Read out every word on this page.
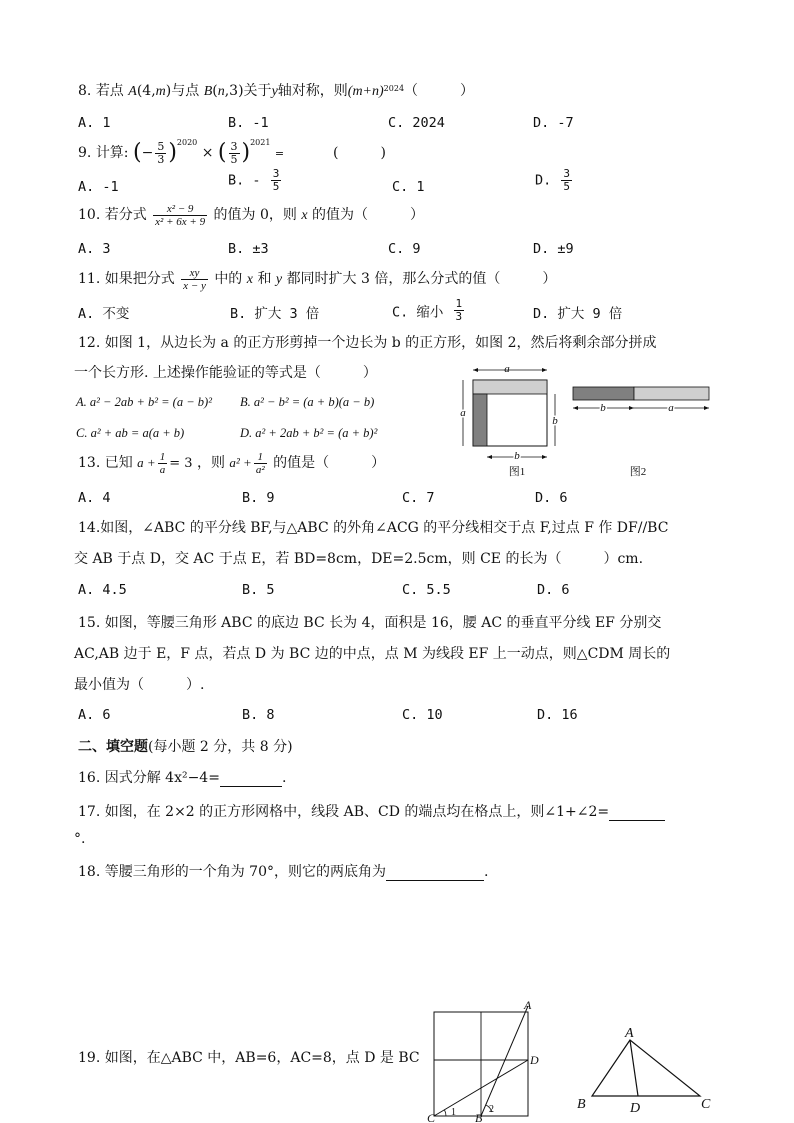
8. 若点 A(4,m)与点 B(n,3)关于y轴对称，则$(m+n)^{2024}$（　　　）
A. 1	B. -1	C. 2024	D. -7
9. 计算: (− $\frac{5}{3} )^{2020}$ × ( $\frac{3}{5} )^{2021}$ =	(　　　)
A. -1	B. - $\frac{3}{5}$	C. 1	D. $\frac{3}{5}$
10. 若分式 $\frac{\text{x² − 9}}{\text{x² + 6x + 9}}$ 的值为 0，则 x 的值为（　　　）
A. 3	B. ±3	C. 9	D. ±9
11. 如果把分式 $\frac{xy}{x - y}$ 中的 x 和 y 都同时扩大 3 倍，那么分式的值（　　　）
A. 不变	B. 扩大 3 倍	C. 缩小 $\frac{1}{3}$	D. 扩大 9 倍
12. 如图 1，从边长为 a 的正方形剪掉一个边长为 b 的正方形，如图 2，然后将剩余部分拼成
一个长方形. 上述操作能验证的等式是（　　　）
A. a² − 2ab + b² = (a − b)² B. a² − b² = (a + b)(a − b)
C. a² + ab = a(a + b)	D. a² + 2ab + b² = (a + b)²
a
a
b
b
图1
b	a
图2
13. 已知 $a + \frac{1}{a} = 3$ ，则 $a^2 + \frac{1}{\text{a²}}$ 的值是（　　　）
A. 4	B. 9	C. 7	D. 6
14.如图，∠ABC 的平分线 BF,与△ABC 的外角∠ACG 的平分线相交于点 F,过点 F 作 DF//BC
交 AB 于点 D，交 AC 于点 E，若 BD=8cm，DE=2.5cm，则 CE 的长为（　　　）cm.
A. 4.5	B. 5	C. 5.5	D. 6
15. 如图，等腰三角形 ABC 的底边 BC 长为 4，面积是 16，腰 AC 的垂直平分线 EF 分别交
AC,AB 边于 E，F 点，若点 D 为 BC 边的中点，点 M 为线段 EF 上一动点，则△CDM 周长的
最小值为（　　　）.
A. 6	B. 8	C. 10	D. 16
二、填空题(每小题 2 分，共 8 分)
16. 因式分解 4x²−4=	.
17. 如图，在 2×2 的正方形网格中，线段 AB、CD 的端点均在格点上，则∠1+∠2=
°.
18. 等腰三角形的一个角为 70°，则它的两底角为	.
19. 如图，在△ABC 中，AB=6，AC=8，点 D 是 BC
A
D
C	B
1	2
A
B	D	C
